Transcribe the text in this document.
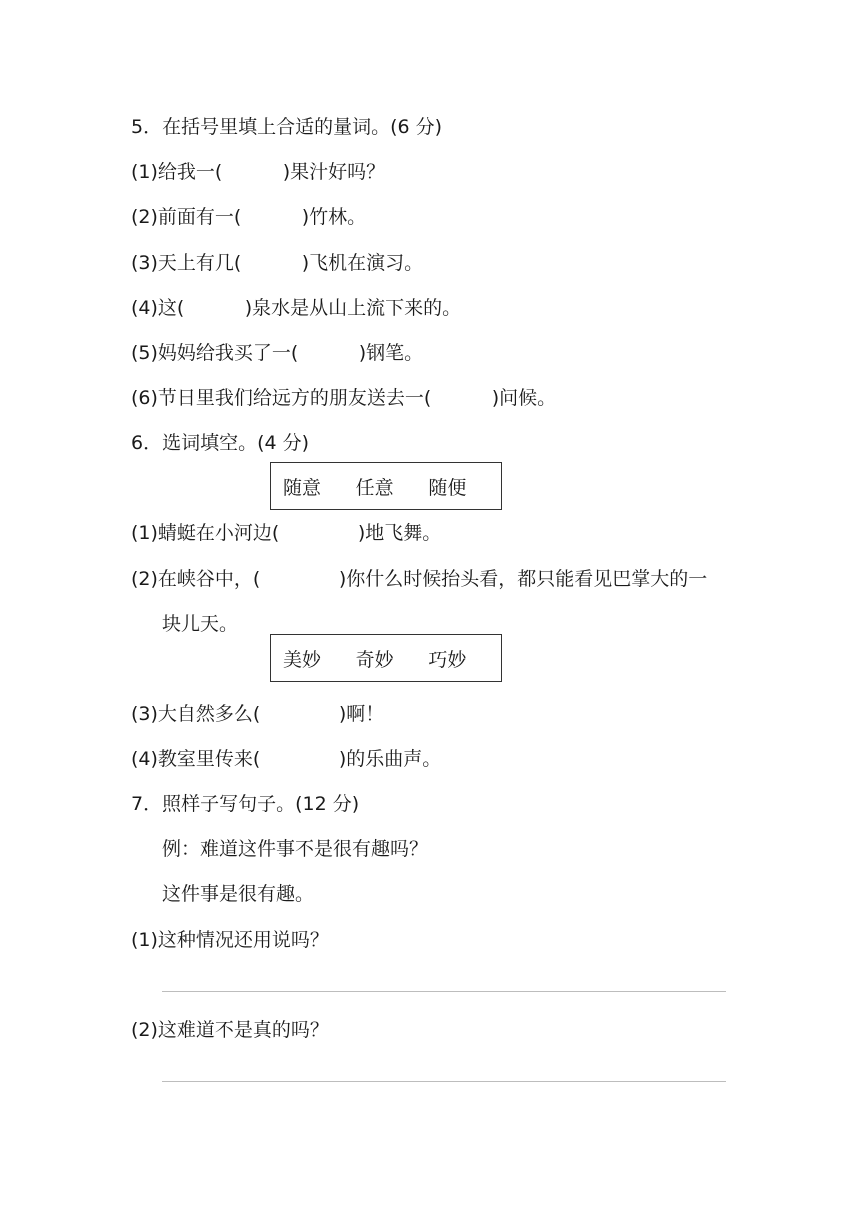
5．在括号里填上合适的量词。(6 分)

(1)给我一(          )果汁好吗？

(2)前面有一(          )竹林。

(3)天上有几(          )飞机在演习。

(4)这(          )泉水是从山上流下来的。

(5)妈妈给我买了一(          )钢笔。

(6)节日里我们给远方的朋友送去一(          )问候。

6．选词填空。(4 分)

随意	任意	随便

(1)蜻蜓在小河边(             )地飞舞。

(2)在峡谷中，(             )你什么时候抬头看，都只能看见巴掌大的一

块儿天。

美妙	奇妙	巧妙

(3)大自然多么(             )啊！

(4)教室里传来(             )的乐曲声。

7．照样子写句子。(12 分)

例：难道这件事不是很有趣吗？

这件事是很有趣。

(1)这种情况还用说吗？

(2)这难道不是真的吗？
